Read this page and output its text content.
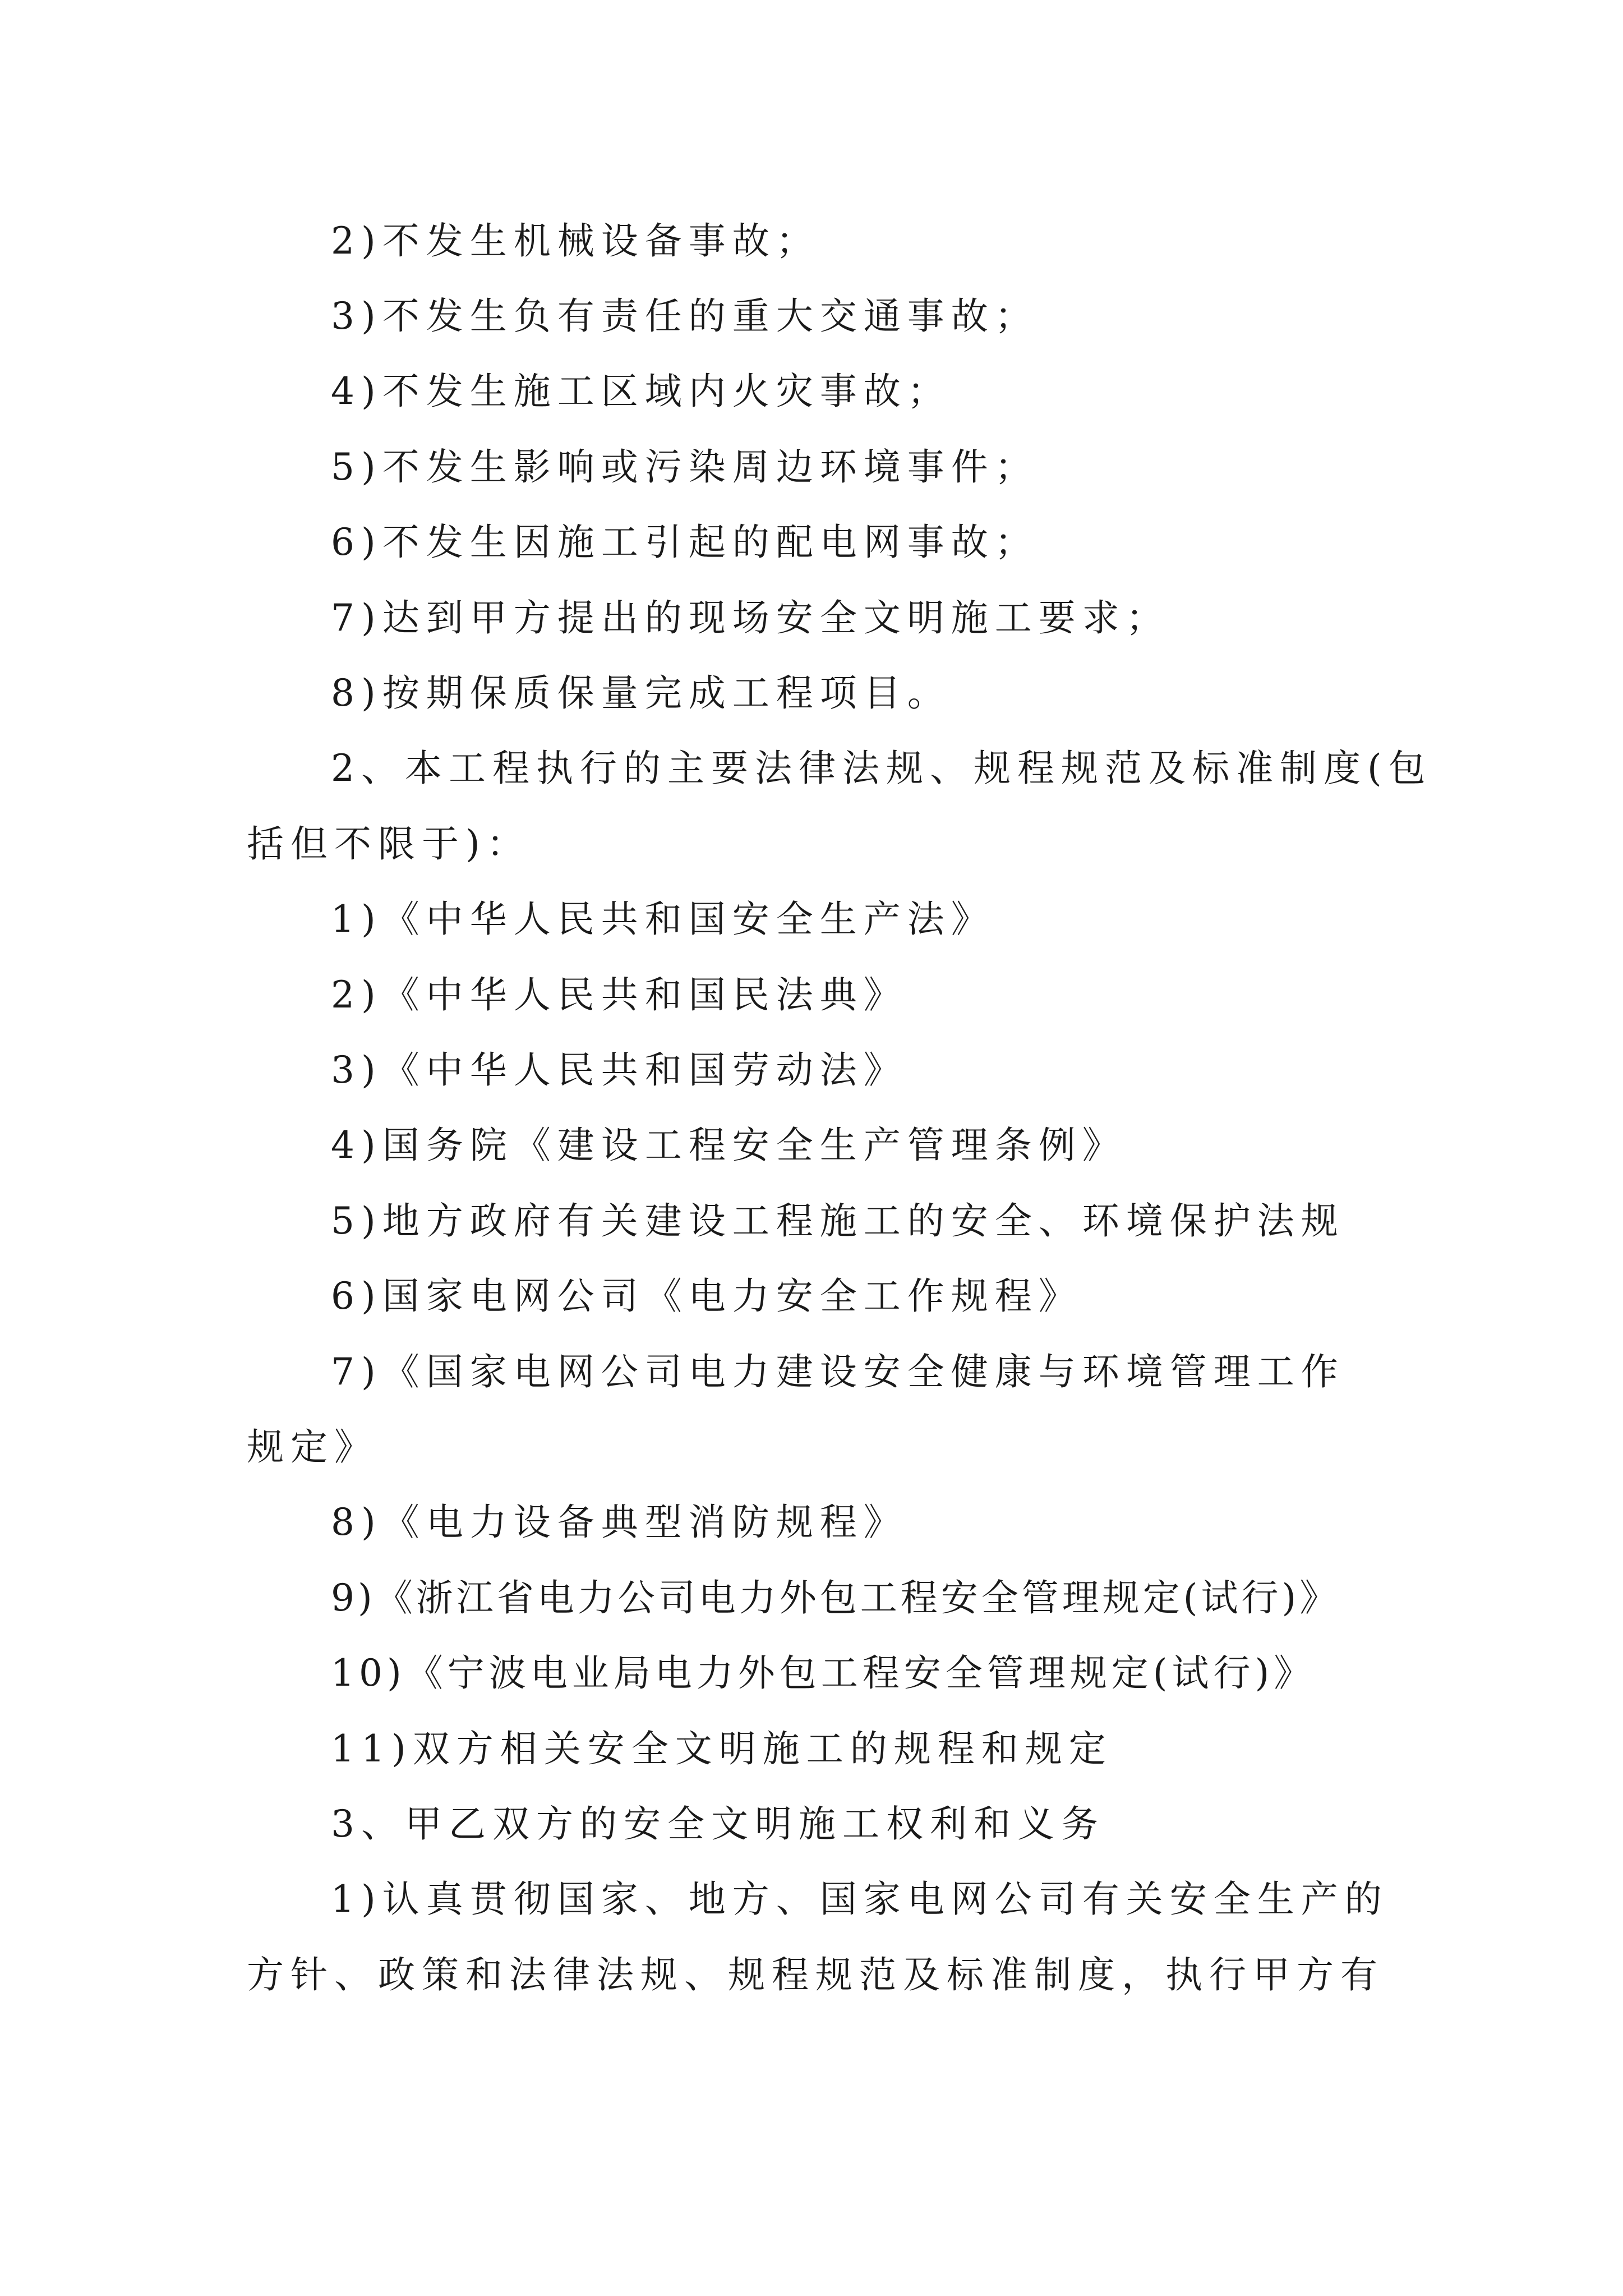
2)不发生机械设备事故；
3)不发生负有责任的重大交通事故；
4)不发生施工区域内火灾事故；
5)不发生影响或污染周边环境事件；
6)不发生因施工引起的配电网事故；
7)达到甲方提出的现场安全文明施工要求；
8)按期保质保量完成工程项目。
2、本工程执行的主要法律法规、规程规范及标准制度(包
括但不限于)：
1)《中华人民共和国安全生产法》
2)《中华人民共和国民法典》
3)《中华人民共和国劳动法》
4)国务院《建设工程安全生产管理条例》
5)地方政府有关建设工程施工的安全、环境保护法规
6)国家电网公司《电力安全工作规程》
7)《国家电网公司电力建设安全健康与环境管理工作
规定》
8)《电力设备典型消防规程》
9)《浙江省电力公司电力外包工程安全管理规定(试行)》
10)《宁波电业局电力外包工程安全管理规定(试行)》
11)双方相关安全文明施工的规程和规定
3、甲乙双方的安全文明施工权利和义务
1)认真贯彻国家、地方、国家电网公司有关安全生产的
方针、政策和法律法规、规程规范及标准制度，执行甲方有
